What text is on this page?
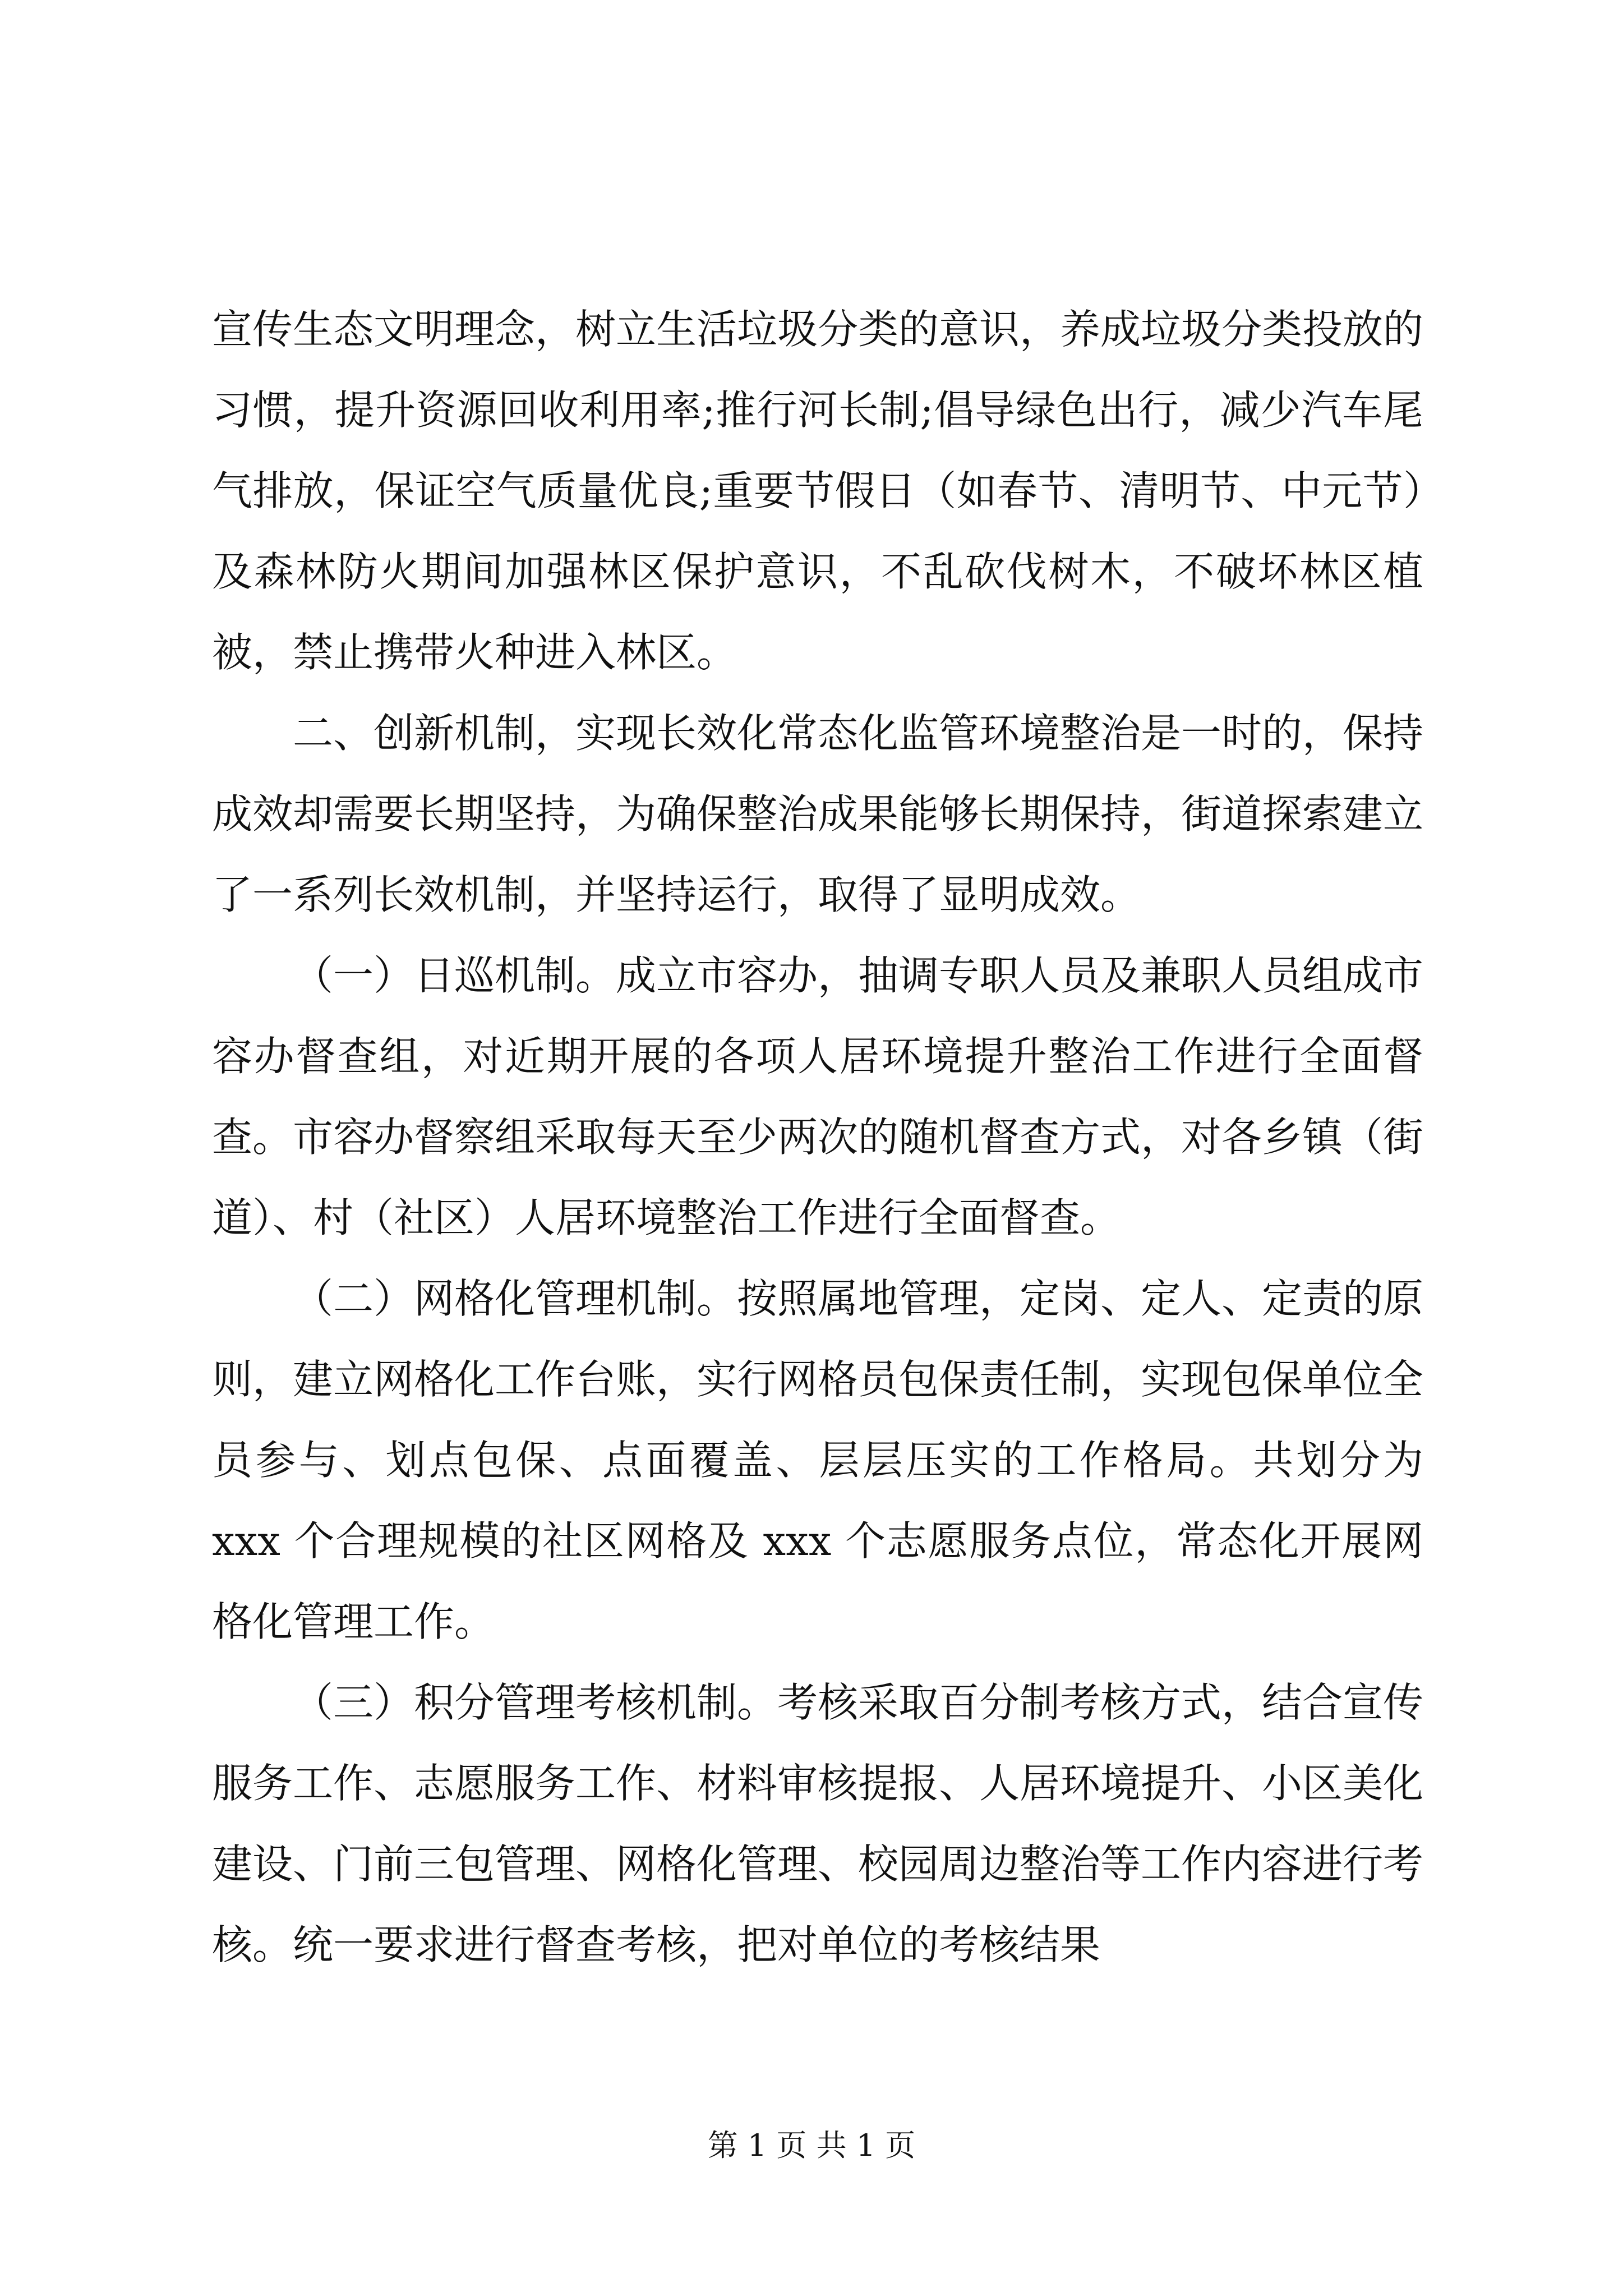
宣传生态文明理念，树立生活垃圾分类的意识，养成垃圾分类投放的习惯，提升资源回收利用率;推行河长制;倡导绿色出行，减少汽车尾气排放，保证空气质量优良;重要节假日（如春节、清明节、中元节）及森林防火期间加强林区保护意识，不乱砍伐树木，不破坏林区植被，禁止携带火种进入林区。

二、创新机制，实现长效化常态化监管环境整治是一时的，保持成效却需要长期坚持，为确保整治成果能够长期保持，街道探索建立了一系列长效机制，并坚持运行，取得了显明成效。

（一）日巡机制。成立市容办，抽调专职人员及兼职人员组成市容办督查组，对近期开展的各项人居环境提升整治工作进行全面督查。市容办督察组采取每天至少两次的随机督查方式，对各乡镇（街道）、村（社区）人居环境整治工作进行全面督查。

（二）网格化管理机制。按照属地管理，定岗、定人、定责的原则，建立网格化工作台账，实行网格员包保责任制，实现包保单位全员参与、划点包保、点面覆盖、层层压实的工作格局。共划分为 xxx 个合理规模的社区网格及 xxx 个志愿服务点位，常态化开展网格化管理工作。

（三）积分管理考核机制。考核采取百分制考核方式，结合宣传服务工作、志愿服务工作、材料审核提报、人居环境提升、小区美化建设、门前三包管理、网格化管理、校园周边整治等工作内容进行考核。统一要求进行督查考核，把对单位的考核结果

第 1 页 共 1 页
